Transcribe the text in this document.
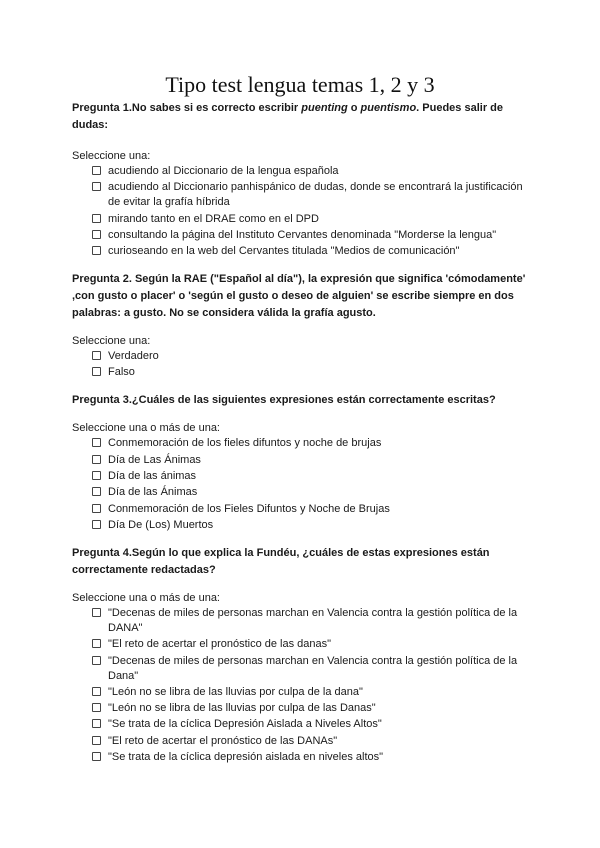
Tipo test lengua temas 1, 2 y 3

Pregunta 1.No sabes si es correcto escribir puenting o puentismo. Puedes salir de dudas:

Seleccione una:

acudiendo al Diccionario de la lengua española
acudiendo al Diccionario panhispánico de dudas, donde se encontrará la justificación de evitar la grafía híbrida
mirando tanto en el DRAE como en el DPD
consultando la página del Instituto Cervantes denominada "Morderse la lengua"
curioseando en la web del Cervantes titulada "Medios de comunicación"

Pregunta 2. Según la RAE ("Español al día"), la expresión que significa 'cómodamente' ,con gusto o placer' o 'según el gusto o deseo de alguien' se escribe siempre en dos palabras: a gusto. No se considera válida la grafía agusto.

Seleccione una:

Verdadero
Falso

Pregunta 3.¿Cuáles de las siguientes expresiones están correctamente escritas?

Seleccione una o más de una:

Conmemoración de los fieles difuntos y noche de brujas
Día de Las Ánimas
Día de las ánimas
Día de las Ánimas
Conmemoración de los Fieles Difuntos y Noche de Brujas
Día De (Los) Muertos

Pregunta 4.Según lo que explica la Fundéu, ¿cuáles de estas expresiones están correctamente redactadas?

Seleccione una o más de una:

"Decenas de miles de personas marchan en Valencia contra la gestión política de la DANA"
"El reto de acertar el pronóstico de las danas"
"Decenas de miles de personas marchan en Valencia contra la gestión política de la Dana"
"León no se libra de las lluvias por culpa de la dana"
"León no se libra de las lluvias por culpa de las Danas"
"Se trata de la cíclica Depresión Aislada a Niveles Altos"
"El reto de acertar el pronóstico de las DANAs"
"Se trata de la cíclica depresión aislada en niveles altos"
